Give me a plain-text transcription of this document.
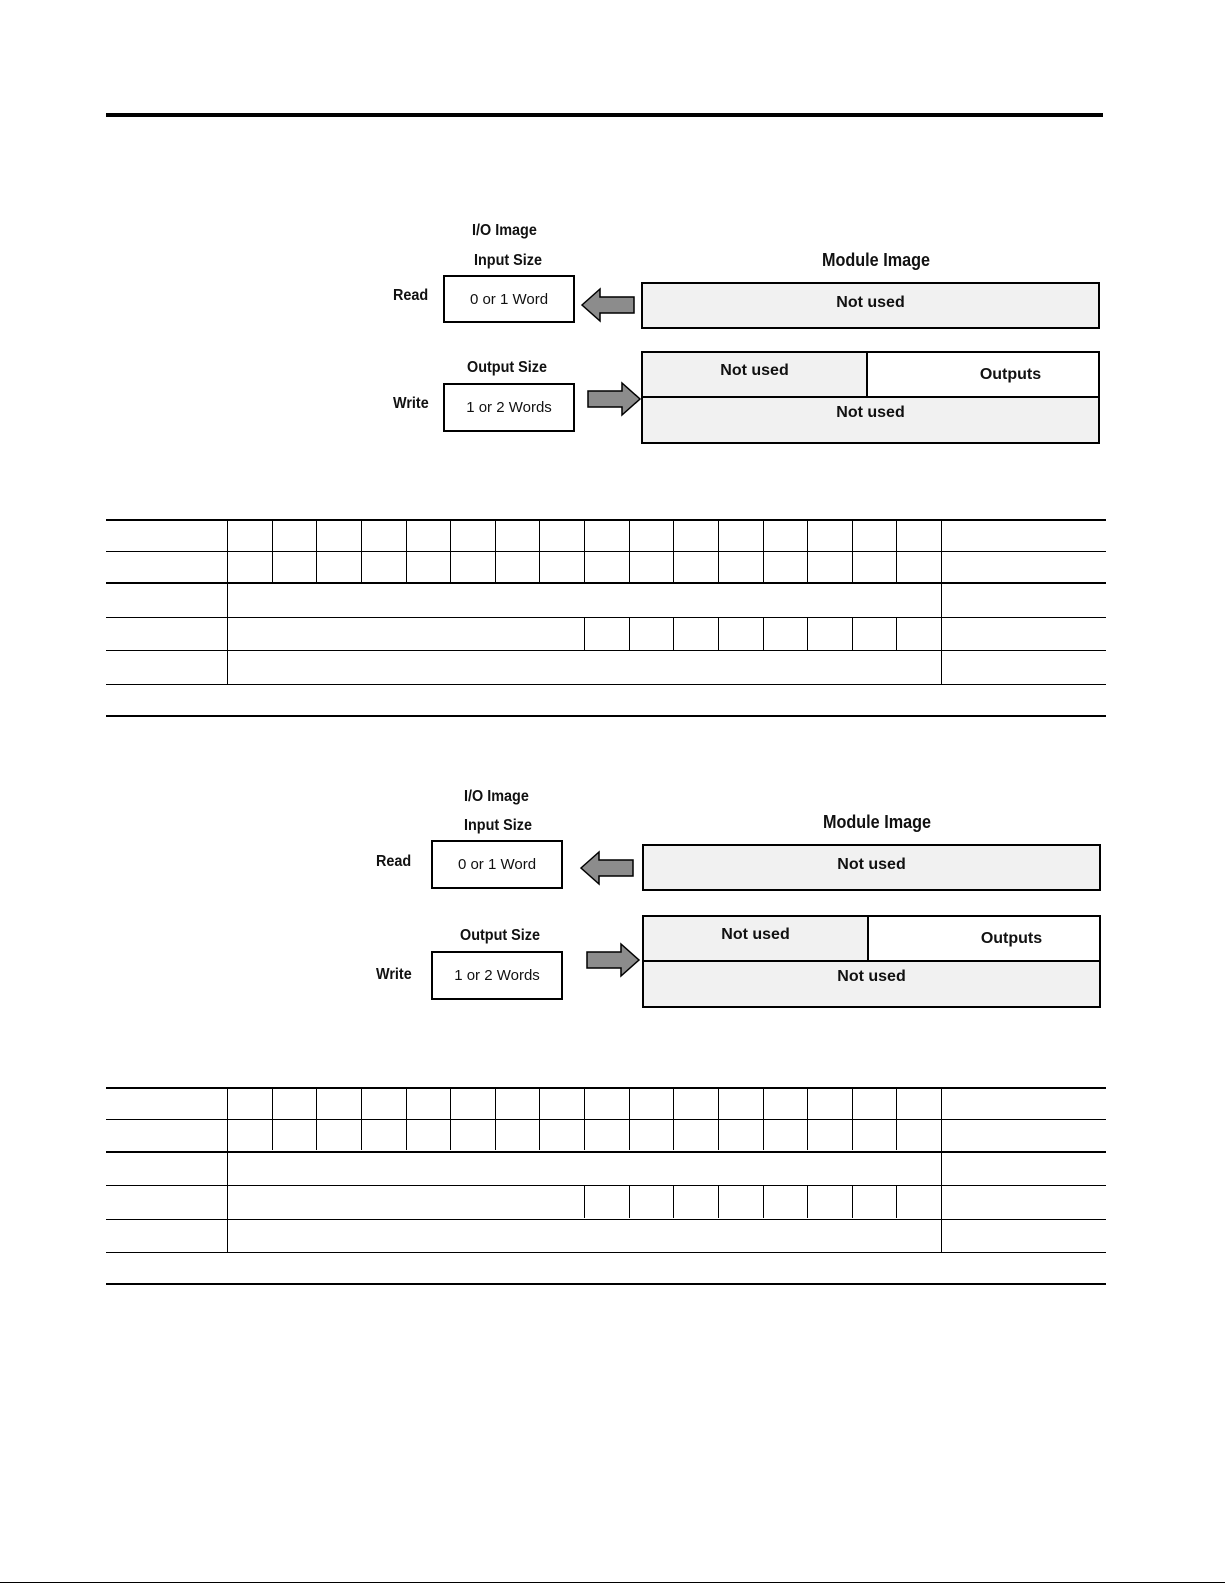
I/O Image
Input Size	Module Image
Read	0 or 1 Word	Not used
Output Size
Write	1 or 2 Words
Not used	Outputs
Not used
I/O Image
Input Size	Module Image
Read	0 or 1 Word	Not used
Output Size
Write	1 or 2 Words
Not used	Outputs
Not used
